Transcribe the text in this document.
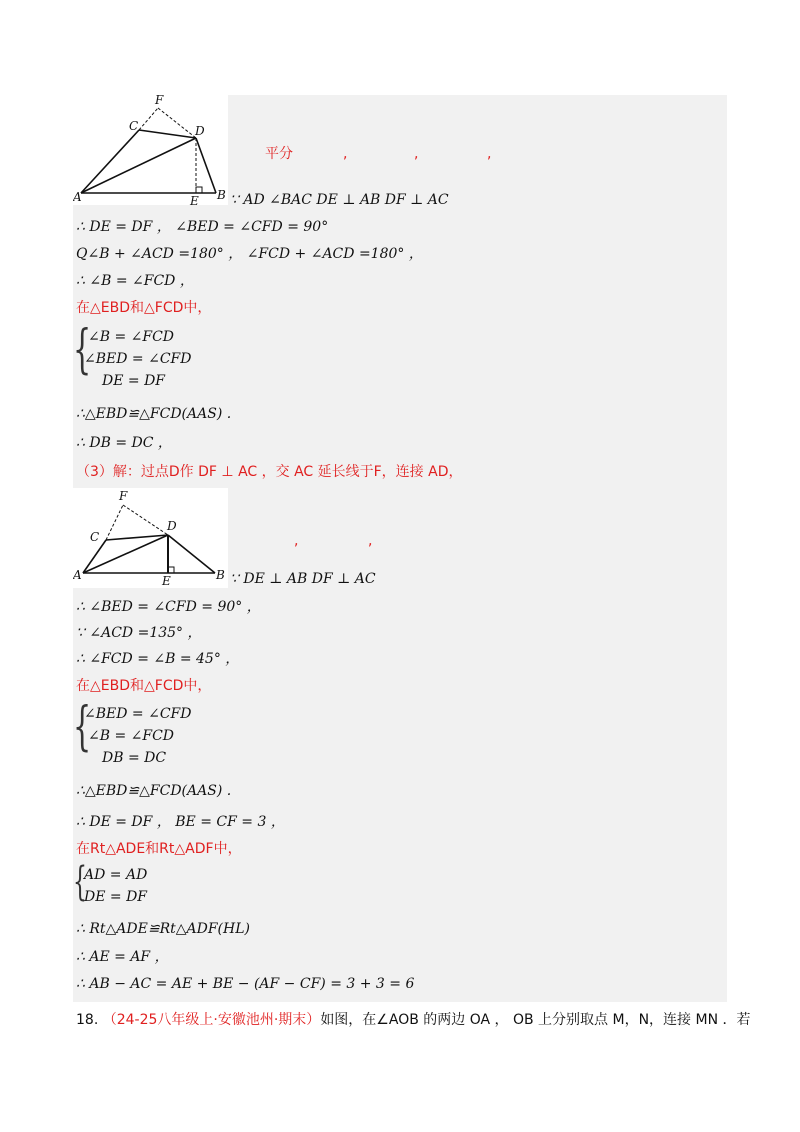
F
C	D
A	E B
平分	,	,	,
∵ AD ∠BAC DE ⊥ AB DF ⊥ AC
∴ DE = DF ， ∠BED = ∠CFD = 90°
Q∠B + ∠ACD =180° ， ∠FCD + ∠ACD =180° ，
∴ ∠B = ∠FCD ，
在△EBD和△FCD中，
{
∠B = ∠FCD
∠BED = ∠CFD
DE = DF
∴△EBD≌△FCD(AAS) .
∴ DB = DC ，
（3）解：过点D作 DF ⊥ AC ，交 AC 延长线于F，连接 AD，
F
C
D
A	E	B
,	,
∵ DE ⊥ AB DF ⊥ AC
∴ ∠BED = ∠CFD = 90° ，
∵ ∠ACD =135° ，
∴ ∠FCD = ∠B = 45° ，
在△EBD和△FCD中，
{
∠BED = ∠CFD
∠B = ∠FCD
DB = DC
∴△EBD≌△FCD(AAS) .
∴ DE = DF ， BE = CF = 3 ，
在Rt△ADE和Rt△ADF中，
{
AD = AD
DE = DF
∴ Rt△ADE≌Rt△ADF(HL)
∴ AE = AF ，
∴ AB − AC = AE + BE − (AF − CF) = 3 + 3 = 6
18. （24-25八年级上·安徽池州·期末）如图，在∠AOB 的两边 OA ， OB 上分别取点 M，N，连接 MN ．若
